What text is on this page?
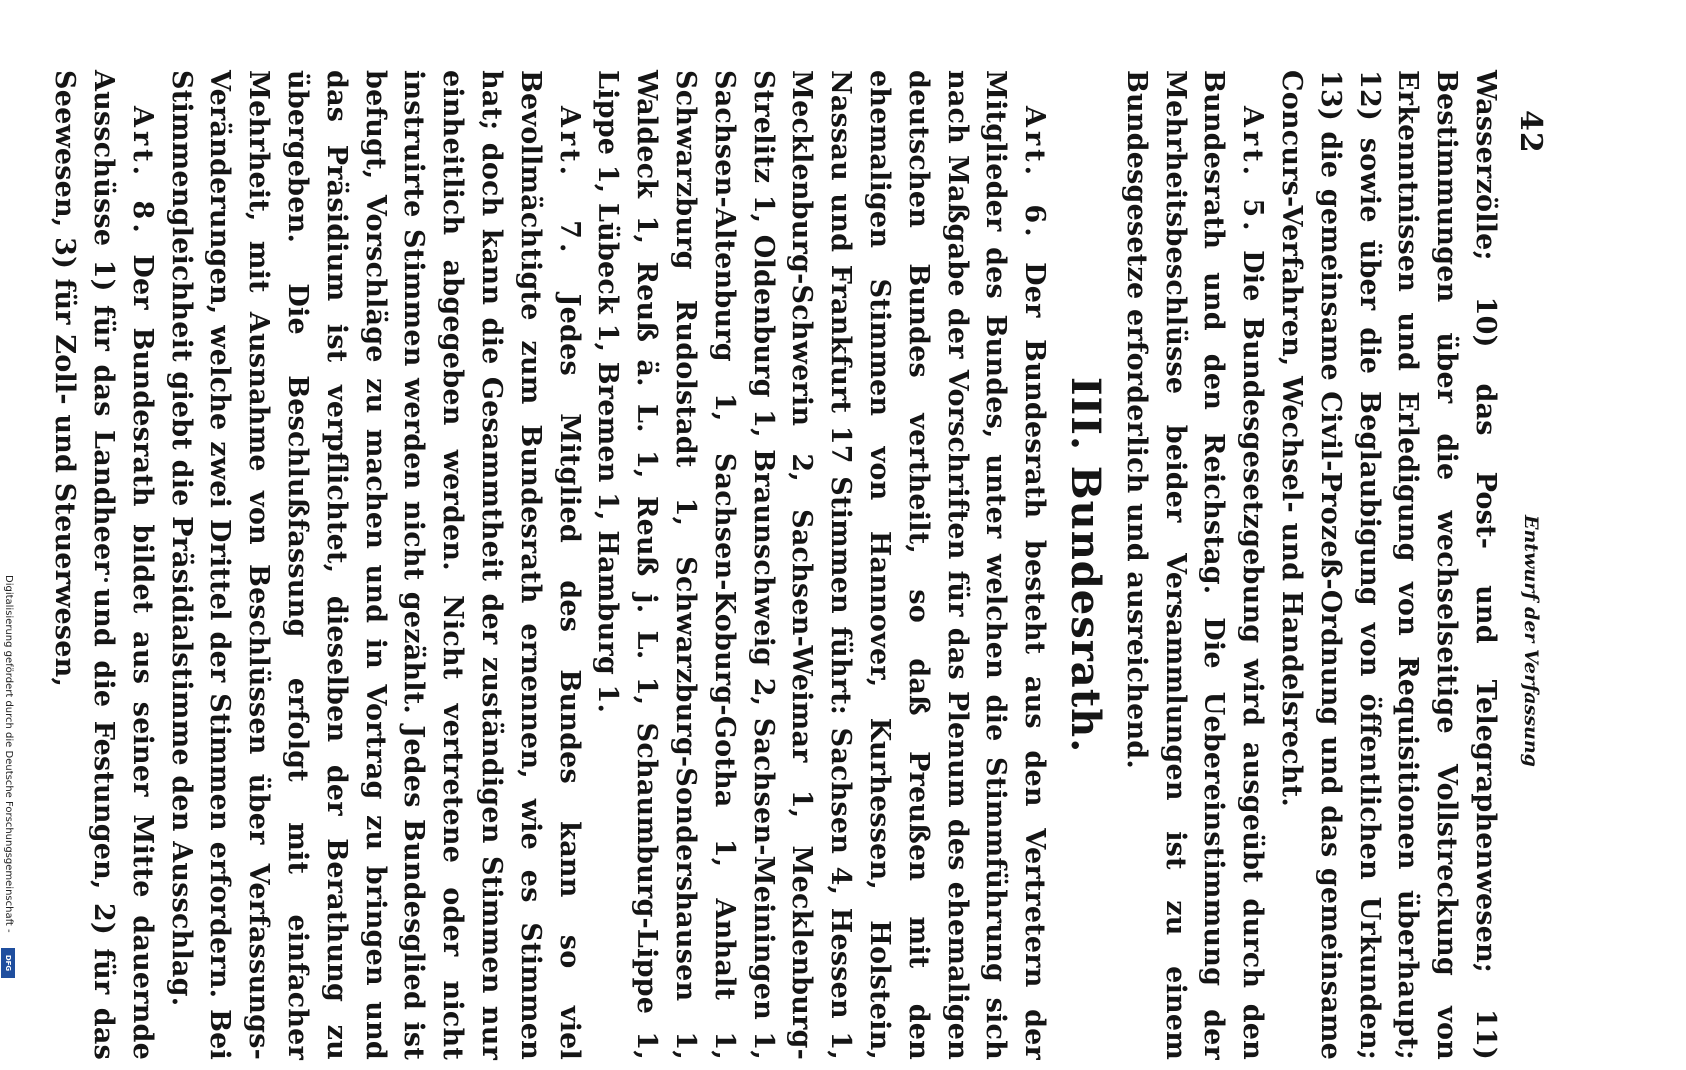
Digitalisierung gefördert durch die Deutsche Forschungsgemeinschaft -
DFG
42
Entwurf der Verfassung

Wasserzölle; 10) das Post- und Telegraphenwesen; 11) Bestimmungen über die wechselseitige Vollstreckung von Erkenntnissen und Erledigung von Requisitionen überhaupt; 12) sowie über die Beglaubigung von öffentlichen Urkunden; 13) die gemeinsame Civil-Prozeß-Ordnung und das gemeinsame Concurs-Verfahren, Wechsel- und Handelsrecht.

Art. 5. Die Bundesgesetzgebung wird ausgeübt durch den Bundesrath und den Reichstag. Die Uebereinstimmung der Mehrheitsbeschlüsse beider Versammlungen ist zu einem Bundesgesetze erforderlich und ausreichend.

III. Bundesrath.

Art. 6. Der Bundesrath besteht aus den Vertretern der Mitglieder des Bundes, unter welchen die Stimmführung sich nach Maßgabe der Vorschriften für das Plenum des ehemaligen deutschen Bundes vertheilt, so daß Preußen mit den ehemaligen Stimmen von Hannover, Kurhessen, Holstein, Nassau und Frankfurt 17 Stimmen führt: Sachsen 4, Hessen 1, Mecklenburg-Schwerin 2, Sachsen-Weimar 1, Mecklenburg-Strelitz 1, Oldenburg 1, Braunschweig 2, Sachsen-Meiningen 1, Sachsen-Altenburg 1, Sachsen-Koburg-Gotha 1, Anhalt 1, Schwarzburg Rudolstadt 1, Schwarzburg-Sondershausen 1, Waldeck 1, Reuß ä. L. 1, Reuß j. L. 1, Schaumburg-Lippe 1, Lippe 1, Lübeck 1, Bremen 1, Hamburg 1.

Art. 7. Jedes Mitglied des Bundes kann so viel Bevollmächtigte zum Bundesrath ernennen, wie es Stimmen hat; doch kann die Gesammtheit der zuständigen Stimmen nur einheitlich abgegeben werden. Nicht vertretene oder nicht instruirte Stimmen werden nicht gezählt. Jedes Bundesglied ist befugt, Vorschläge zu machen und in Vortrag zu bringen und das Präsidium ist verpflichtet, dieselben der Berathung zu übergeben. Die Beschlußfassung erfolgt mit einfacher Mehrheit, mit Ausnahme von Beschlüssen über Verfassungs-Veränderungen, welche zwei Drittel der Stimmen erfordern. Bei Stimmengleichheit giebt die Präsidialstimme den Ausschlag.

Art. 8. Der Bundesrath bildet aus seiner Mitte dauernde Ausschüsse 1) für das Landheer und die Festungen, 2) für das Seewesen, 3) für Zoll- und Steuerwesen,
